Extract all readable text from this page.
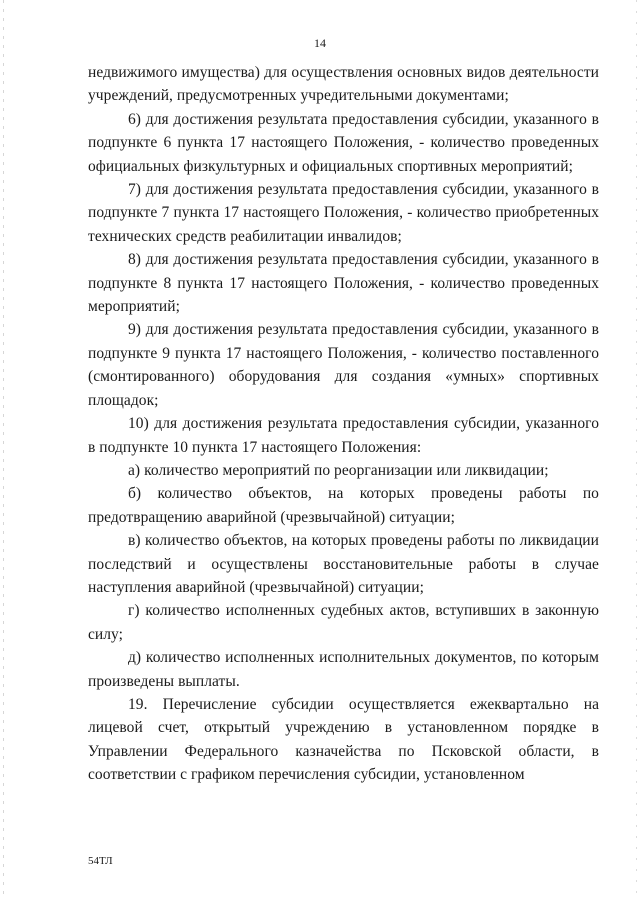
14

недвижимого имущества) для осуществления основных видов деятельности учреждений, предусмотренных учредительными документами;

6) для достижения результата предоставления субсидии, указанного в подпункте 6 пункта 17 настоящего Положения, - количество проведенных официальных физкультурных и официальных спортивных мероприятий;

7) для достижения результата предоставления субсидии, указанного в подпункте 7 пункта 17 настоящего Положения, - количество приобретенных технических средств реабилитации инвалидов;

8) для достижения результата предоставления субсидии, указанного в подпункте 8 пункта 17 настоящего Положения, - количество проведенных мероприятий;

9) для достижения результата предоставления субсидии, указанного в подпункте 9 пункта 17 настоящего Положения, - количество поставленного (смонтированного) оборудования для создания «умных» спортивных площадок;

10) для достижения результата предоставления субсидии, указанного в подпункте 10 пункта 17 настоящего Положения:

а) количество мероприятий по реорганизации или ликвидации;

б) количество объектов, на которых проведены работы по предотвращению аварийной (чрезвычайной) ситуации;

в) количество объектов, на которых проведены работы по ликвидации последствий и осуществлены восстановительные работы в случае наступления аварийной (чрезвычайной) ситуации;

г) количество исполненных судебных актов, вступивших в законную силу;

д) количество исполненных исполнительных документов, по которым произведены выплаты.

19. Перечисление субсидии осуществляется ежеквартально на лицевой счет, открытый учреждению в установленном порядке в Управлении Федерального казначейства по Псковской области, в соответствии с графиком перечисления субсидии, установленном

54ТЛ
